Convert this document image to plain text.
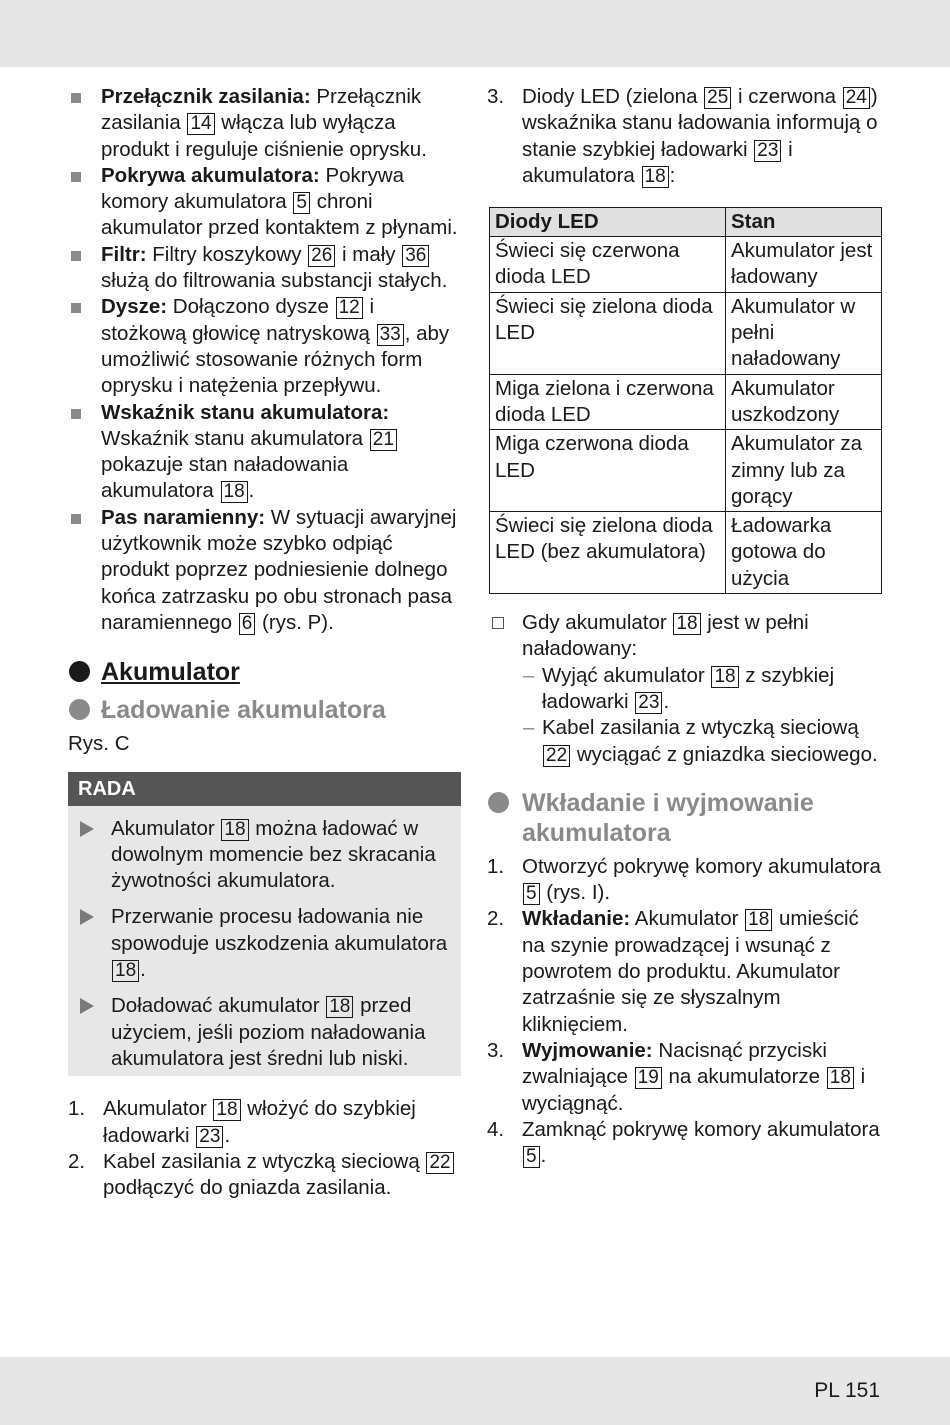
Przełącznik zasilania: Przełącznik zasilania 14 włącza lub wyłącza produkt i reguluje ciśnienie oprysku.
Pokrywa akumulatora: Pokrywa komory akumulatora 5 chroni akumulator przed kontaktem z płynami.
Filtr: Filtry koszykowy 26 i mały 36 służą do filtrowania substancji stałych.
Dysze: Dołączono dysze 12 i stożkową głowicę natryskową 33 , aby umożliwić stosowanie różnych form oprysku i natężenia przepływu.
Wskaźnik stanu akumulatora: Wskaźnik stanu akumulatora 21 pokazuje stan naładowania akumulatora 18 .
Pas naramienny: W sytuacji awaryjnej użytkownik może szybko odpiąć produkt poprzez podniesienie dolnego końca zatrzasku po obu stronach pasa naramiennego 6 (rys. P).
Akumulator
Ładowanie akumulatora
Rys. C
RADA
Akumulator 18 można ładować w dowolnym momencie bez skracania żywotności akumulatora.
Przerwanie procesu ładowania nie spowoduje uszkodzenia akumulatora 18 .
Doładować akumulator 18 przed użyciem, jeśli poziom naładowania akumulatora jest średni lub niski.
1. Akumulator 18 włożyć do szybkiej ładowarki 23 .
2. Kabel zasilania z wtyczką sieciową 22 podłączyć do gniazda zasilania.
3. Diody LED (zielona 25 i czerwona 24 ) wskaźnika stanu ładowania informują o stanie szybkiej ładowarki 23 i akumulatora 18 :
Diody LED	Stan
Świeci się czerwona dioda LED	Akumulator jest ładowany
Świeci się zielona dioda LED	Akumulator w pełni naładowany
Miga zielona i czerwona dioda LED	Akumulator uszkodzony
Miga czerwona dioda LED	Akumulator za zimny lub za gorący
Świeci się zielona dioda LED (bez akumulatora)	Ładowarka gotowa do użycia
Gdy akumulator 18 jest w pełni naładowany:
– Wyjąć akumulator 18 z szybkiej ładowarki 23 .
– Kabel zasilania z wtyczką sieciową 22 wyciągać z gniazdka sieciowego.
Wkładanie i wyjmowanie akumulatora
1. Otworzyć pokrywę komory akumulatora 5 (rys. I).
2. Wkładanie: Akumulator 18 umieścić na szynie prowadzącej i wsunąć z powrotem do produktu. Akumulator zatrzaśnie się ze słyszalnym kliknięciem.
3. Wyjmowanie: Nacisnąć przyciski zwalniające 19 na akumulatorze 18 i wyciągnąć.
4. Zamknąć pokrywę komory akumulatora 5 .
PL 151
